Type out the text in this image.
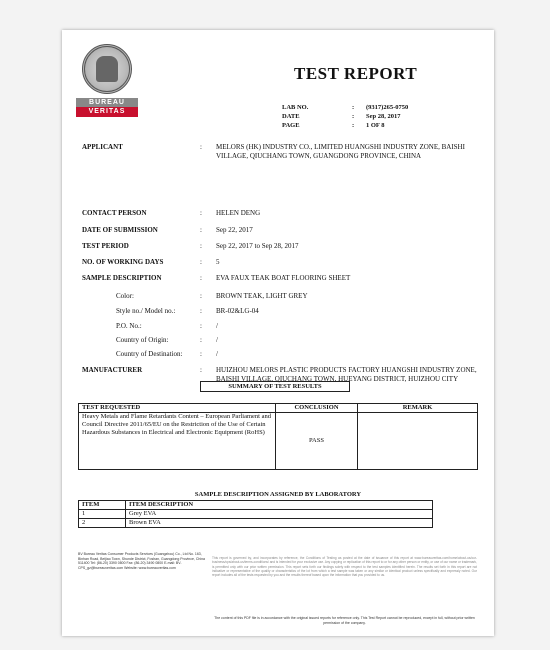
BUREAU
VERITAS
TEST REPORT
LAB NO.	:	(9317)265-0750
DATE	:	Sep 28, 2017
PAGE	:	1 OF 8
APPLICANT	:	MELORS (HK) INDUSTRY CO., LIMITED HUANGSHI INDUSTRY ZONE, BAISHI VILLAGE, QIUCHANG TOWN, GUANGDONG PROVINCE, CHINA
CONTACT PERSON	:	HELEN DENG
DATE OF SUBMISSION	:	Sep 22, 2017
TEST PERIOD	:	Sep 22, 2017 to Sep 28, 2017
NO. OF WORKING DAYS	:	5
SAMPLE DESCRIPTION	:	EVA FAUX TEAK BOAT FLOORING SHEET
Color:	:	BROWN TEAK, LIGHT GREY
Style no./ Model no.:	:	BR-02&LG-04
P.O. No.:	:	/
Country of Origin:	:	/
Country of Destination:	:	/
MANUFACTURER	:	HUIZHOU MELORS PLASTIC PRODUCTS FACTORY HUANGSHI INDUSTRY ZONE, BAISHI VILLAGE, QIUCHANG TOWN, HUEYANG DISTRICT, HUIZHOU CITY
SUMMARY OF TEST RESULTS
TEST REQUESTED	CONCLUSION	REMARK
Heavy Metals and Flame Retardants Content – European Parliament and Council Directive 2011/65/EU on the Restriction of the Use of Certain Hazardous Substances in Electrical and Electronic Equipment (RoHS)	PASS	
SAMPLE DESCRIPTION ASSIGNED BY LABORATORY
ITEM	ITEM DESCRIPTION
1	Grey EVA
2	Brown EVA
BV Bureau Veritas Consumer Products Services (Guangzhou) Co., Ltd No. 163, Binhan Road, Beijiao Town, Shunde District, Foshan, Guangdong Province, China 511400 Tel: (86-20) 3390 0800 Fax: (86-20) 3490 0800 E-mail: BV-CPS_gz@bureauveritas.com Website: www.bureauveritas.com
This report is governed by, and incorporates by reference, the Conditions of Testing as posted at the date of issuance of this report at www.bureauveritas.com/home/about-us/our-business/cps/about-us/terms-conditions/ and is intended for your exclusive use. Any copying or replication of this report to or for any other person or entity, or use of our name or trademark, is permitted only with our prior written permission. This report sets forth our findings solely with respect to the test samples identified herein. The results set forth in this report are not indicative or representative of the quality or characteristics of the lot from which a test sample was taken or any similar or identical product unless specifically and expressly noted. Our report includes all of the tests requested by you and the results thereof based upon the information that you provided to us.
The content of this PDF file is in accordance with the original issued reports for reference only. This Test Report cannot be reproduced, except in full, without prior written permission of the company.
